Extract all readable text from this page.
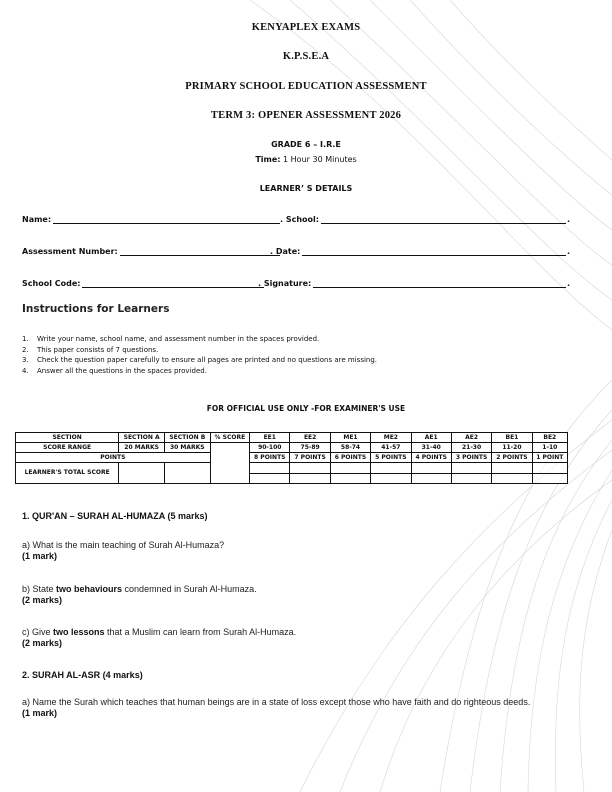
KENYAPLEX EXAMS
K.P.S.E.A
PRIMARY SCHOOL EDUCATION ASSESSMENT
TERM 3: OPENER ASSESSMENT 2026
GRADE 6 – I.R.E
Time: 1 Hour 30 Minutes
LEARNER’ S DETAILS
Name:	. School:	.
Assessment Number:	. Date:	.
School Code:	. Signature:	.
Instructions for Learners
1. Write your name, school name, and assessment number in the spaces provided.
2. This paper consists of 7 questions.
3. Check the question paper carefully to ensure all pages are printed and no questions are missing.
4. Answer all the questions in the spaces provided.
FOR OFFICIAL USE ONLY -FOR EXAMINER'S USE
SECTION	SECTION A	SECTION B	% SCORE	EE1	EE2	ME1	ME2	AE1	AE2	BE1	BE2
SCORE RANGE	20 MARKS	30 MARKS		90-100	75-89	58-74	41-57	31-40	21-30	11-20	1-10
POINTS				8 POINTS	7 POINTS	6 POINTS	5 POINTS	4 POINTS	3 POINTS	2 POINTS	1 POINT
LEARNER'S TOTAL SCORE											

1. QUR'AN – SURAH AL-HUMAZA (5 marks)
a) What is the main teaching of Surah Al-Humaza?
(1 mark)
b) State two behaviours condemned in Surah Al-Humaza.
(2 marks)
c) Give two lessons that a Muslim can learn from Surah Al-Humaza.
(2 marks)
2. SURAH AL-ASR (4 marks)
a) Name the Surah which teaches that human beings are in a state of loss except those who have faith and do righteous deeds.
(1 mark)
